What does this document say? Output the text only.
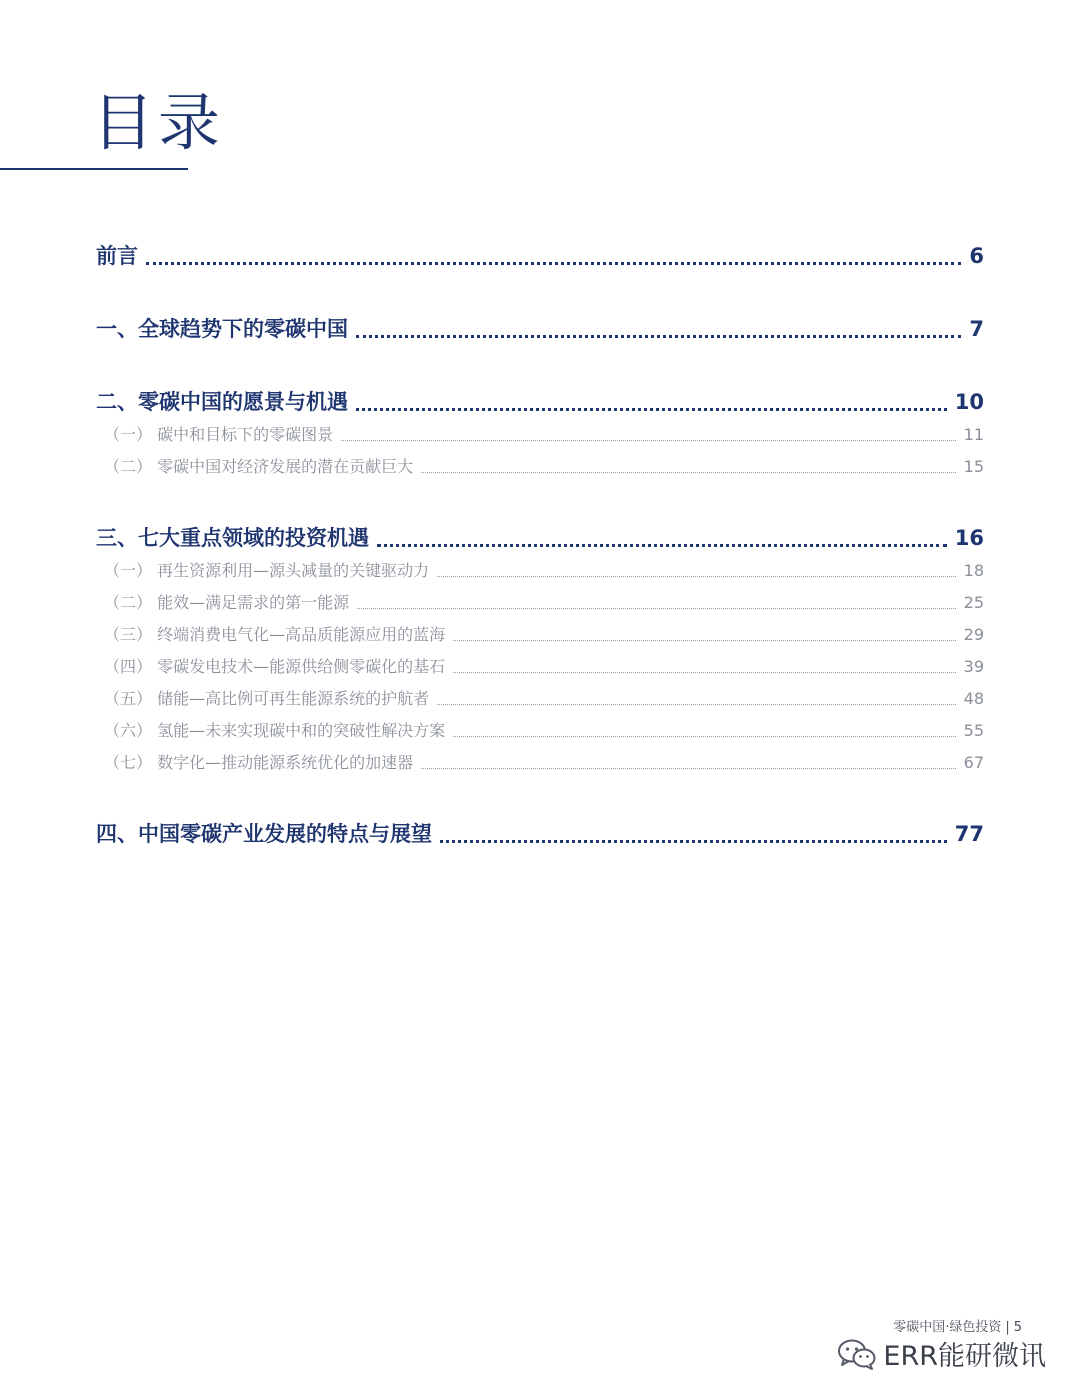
目录
前言	6
一、全球趋势下的零碳中国	7
二、零碳中国的愿景与机遇	10
（一） 碳中和目标下的零碳图景	11
（二） 零碳中国对经济发展的潜在贡献巨大	15
三、七大重点领域的投资机遇	16
（一） 再生资源利用—源头减量的关键驱动力	18
（二） 能效—满足需求的第一能源	25
（三） 终端消费电气化—高品质能源应用的蓝海	29
（四） 零碳发电技术—能源供给侧零碳化的基石	39
（五） 储能—高比例可再生能源系统的护航者	48
（六） 氢能—未来实现碳中和的突破性解决方案	55
（七） 数字化—推动能源系统优化的加速器	67
四、中国零碳产业发展的特点与展望	77
零碳中国·绿色投资 | 5
ERR能研微讯
